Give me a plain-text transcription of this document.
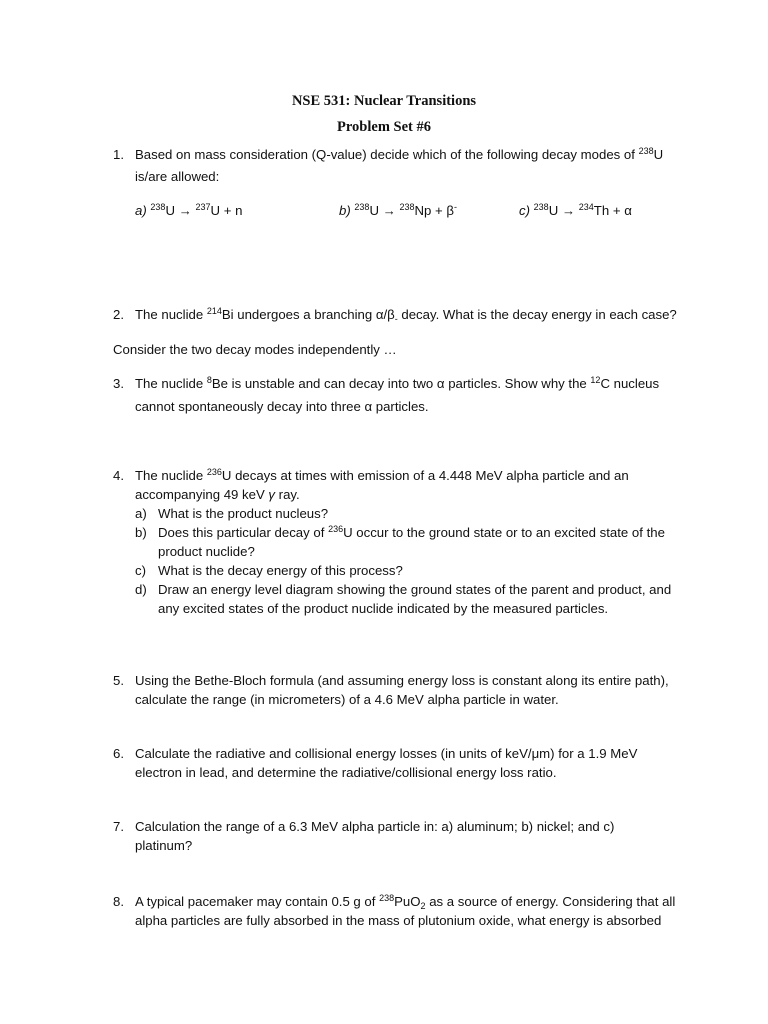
NSE 531: Nuclear Transitions
Problem Set #6
1. Based on mass consideration (Q-value) decide which of the following decay modes of $^{238}$U
is/are allowed:
a) $^{238}$U → $^{237}$U + n	b) $^{238}$U → $^{238}$Np + β-	c) $^{238}$U → $^{234}$Th + α
2. The nuclide $^{214}$Bi undergoes a branching $\alpha/\beta_-$ decay. What is the decay energy in each case?
Consider the two decay modes independently …
3. The nuclide $^8$Be is unstable and can decay into two α particles. Show why the $^{12}$C nucleus
cannot spontaneously decay into three α particles.
4. The nuclide $^{236}$U decays at times with emission of a 4.448 MeV alpha particle and an
accompanying 49 keV γ ray.
a) What is the product nucleus?
b) Does this particular decay of $^{236}$U occur to the ground state or to an excited state of the
product nuclide?
c) What is the decay energy of this process?
d) Draw an energy level diagram showing the ground states of the parent and product, and
any excited states of the product nuclide indicated by the measured particles.
5. Using the Bethe-Bloch formula (and assuming energy loss is constant along its entire path),
calculate the range (in micrometers) of a 4.6 MeV alpha particle in water.
6. Calculate the radiative and collisional energy losses (in units of keV/μm) for a 1.9 MeV
electron in lead, and determine the radiative/collisional energy loss ratio.
7. Calculation the range of a 6.3 MeV alpha particle in: a) aluminum; b) nickel; and c)
platinum?
8. A typical pacemaker may contain 0.5 g of $^{238}$PuO$_2$ as a source of energy. Considering that all
alpha particles are fully absorbed in the mass of plutonium oxide, what energy is absorbed
